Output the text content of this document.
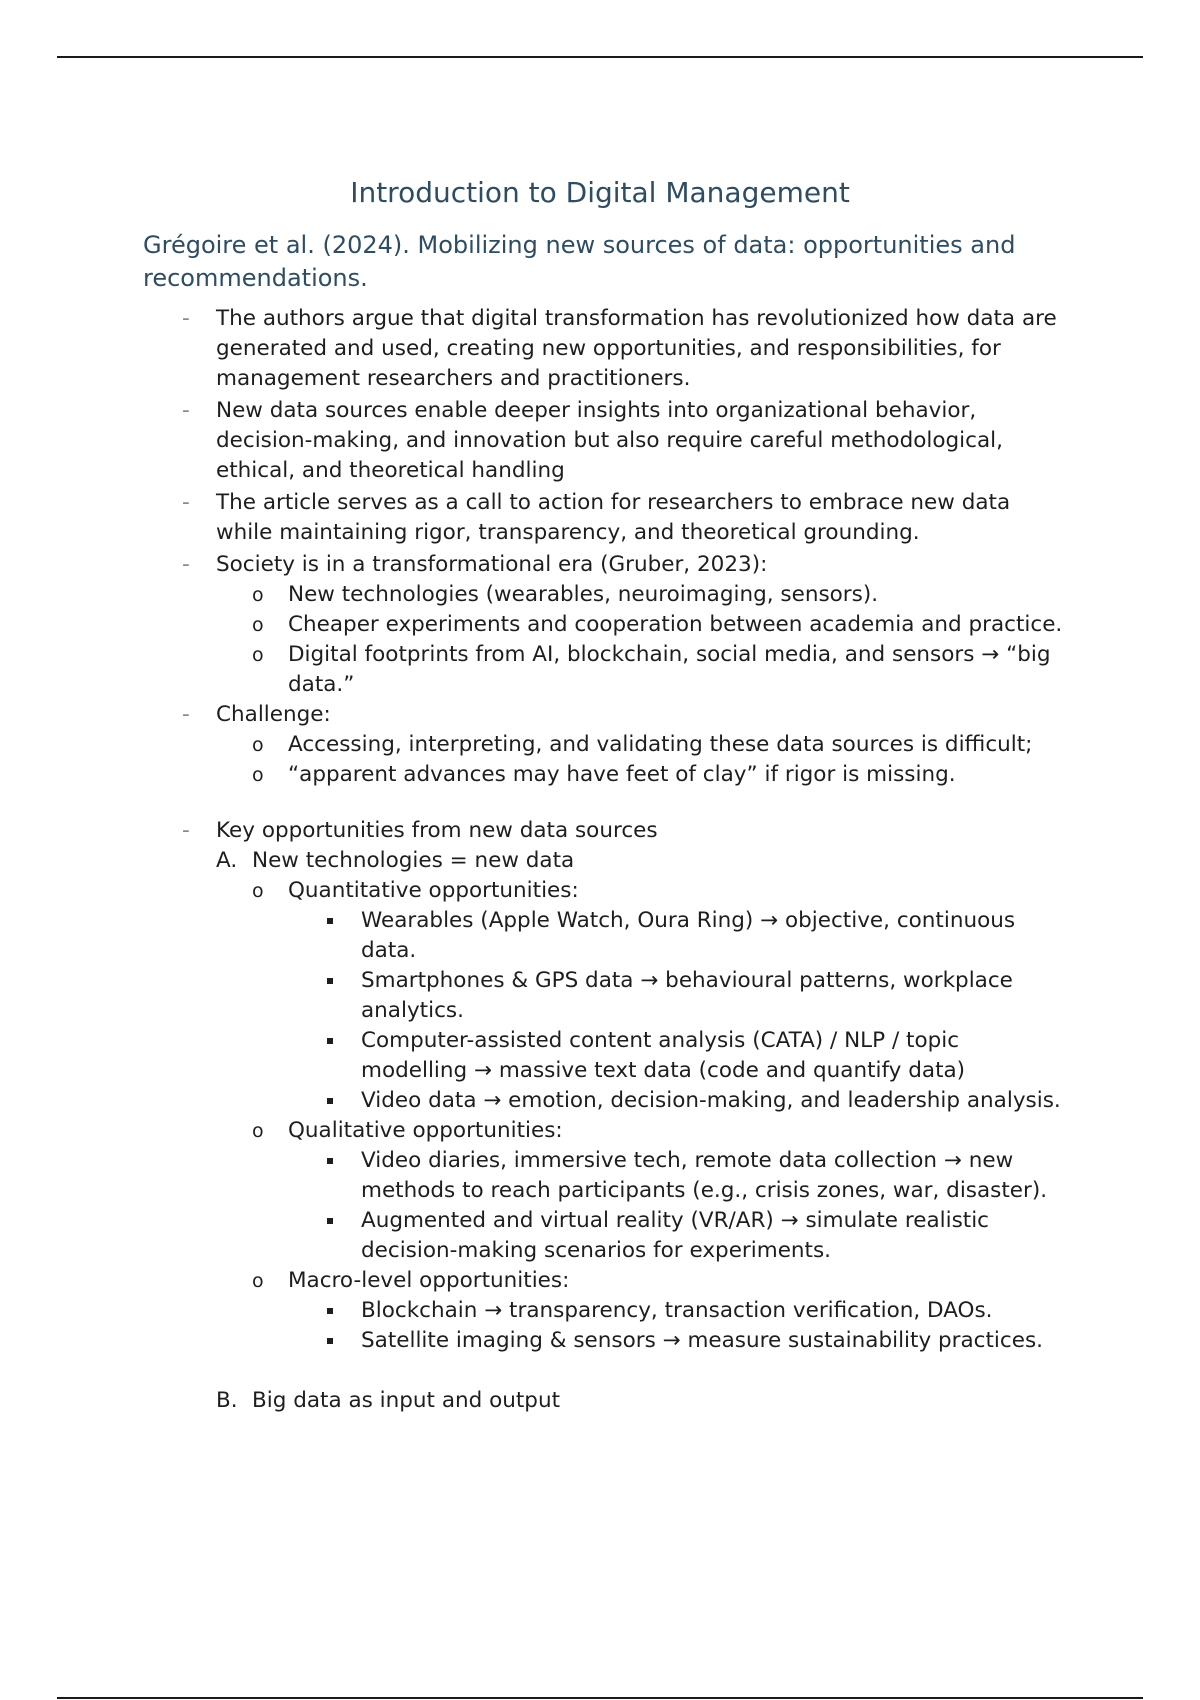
Introduction to Digital Management

Grégoire et al. (2024). Mobilizing new sources of data: opportunities and recommendations.

- The authors argue that digital transformation has revolutionized how data are generated and used, creating new opportunities, and responsibilities, for management researchers and practitioners.
- New data sources enable deeper insights into organizational behavior, decision-making, and innovation but also require careful methodological, ethical, and theoretical handling
- The article serves as a call to action for researchers to embrace new data while maintaining rigor, transparency, and theoretical grounding.
- Society is in a transformational era (Gruber, 2023):
o New technologies (wearables, neuroimaging, sensors).
o Cheaper experiments and cooperation between academia and practice.
o Digital footprints from AI, blockchain, social media, and sensors → “big data.”
- Challenge:
o Accessing, interpreting, and validating these data sources is difficult;
o “apparent advances may have feet of clay” if rigor is missing.
- Key opportunities from new data sources
A. New technologies = new data
o Quantitative opportunities:
Wearables (Apple Watch, Oura Ring) → objective, continuous data.
Smartphones & GPS data → behavioural patterns, workplace analytics.
Computer-assisted content analysis (CATA) / NLP / topic modelling → massive text data (code and quantify data)
Video data → emotion, decision-making, and leadership analysis.
o Qualitative opportunities:
Video diaries, immersive tech, remote data collection → new methods to reach participants (e.g., crisis zones, war, disaster).
Augmented and virtual reality (VR/AR) → simulate realistic decision-making scenarios for experiments.
o Macro-level opportunities:
Blockchain → transparency, transaction verification, DAOs.
Satellite imaging & sensors → measure sustainability practices.
B. Big data as input and output
